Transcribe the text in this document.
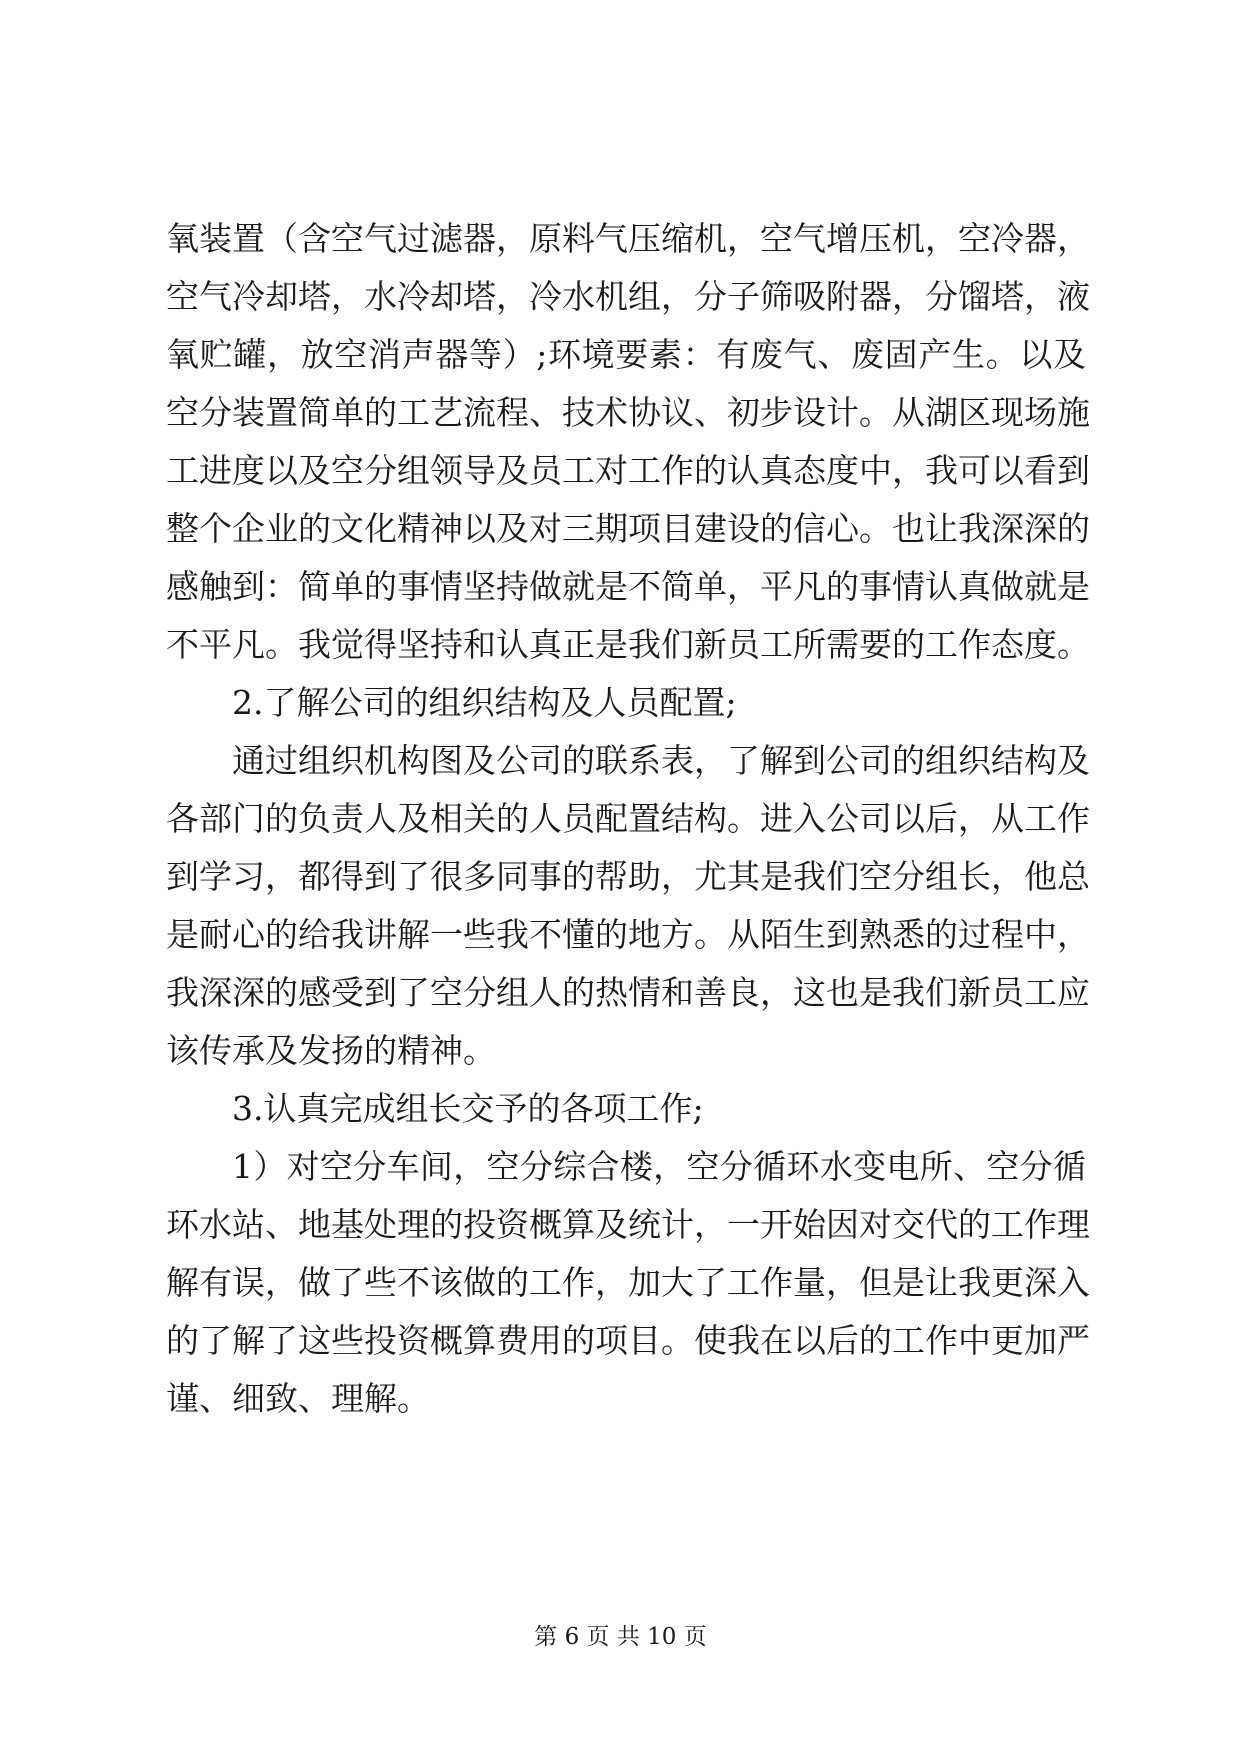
氧装置（含空气过滤器，原料气压缩机，空气增压机，空冷器，
空气冷却塔，水冷却塔，冷水机组，分子筛吸附器，分馏塔，液
氧贮罐，放空消声器等）;环境要素：有废气、废固产生。以及
空分装置简单的工艺流程、技术协议、初步设计。从湖区现场施
工进度以及空分组领导及员工对工作的认真态度中，我可以看到
整个企业的文化精神以及对三期项目建设的信心。也让我深深的
感触到：简单的事情坚持做就是不简单，平凡的事情认真做就是
不平凡。我觉得坚持和认真正是我们新员工所需要的工作态度。
2.了解公司的组织结构及人员配置;
通过组织机构图及公司的联系表，了解到公司的组织结构及
各部门的负责人及相关的人员配置结构。进入公司以后，从工作
到学习，都得到了很多同事的帮助，尤其是我们空分组长，他总
是耐心的给我讲解一些我不懂的地方。从陌生到熟悉的过程中，
我深深的感受到了空分组人的热情和善良，这也是我们新员工应
该传承及发扬的精神。
3.认真完成组长交予的各项工作;
1）对空分车间，空分综合楼，空分循环水变电所、空分循
环水站、地基处理的投资概算及统计，一开始因对交代的工作理
解有误，做了些不该做的工作，加大了工作量，但是让我更深入
的了解了这些投资概算费用的项目。使我在以后的工作中更加严
谨、细致、理解。
第 6 页 共 10 页
